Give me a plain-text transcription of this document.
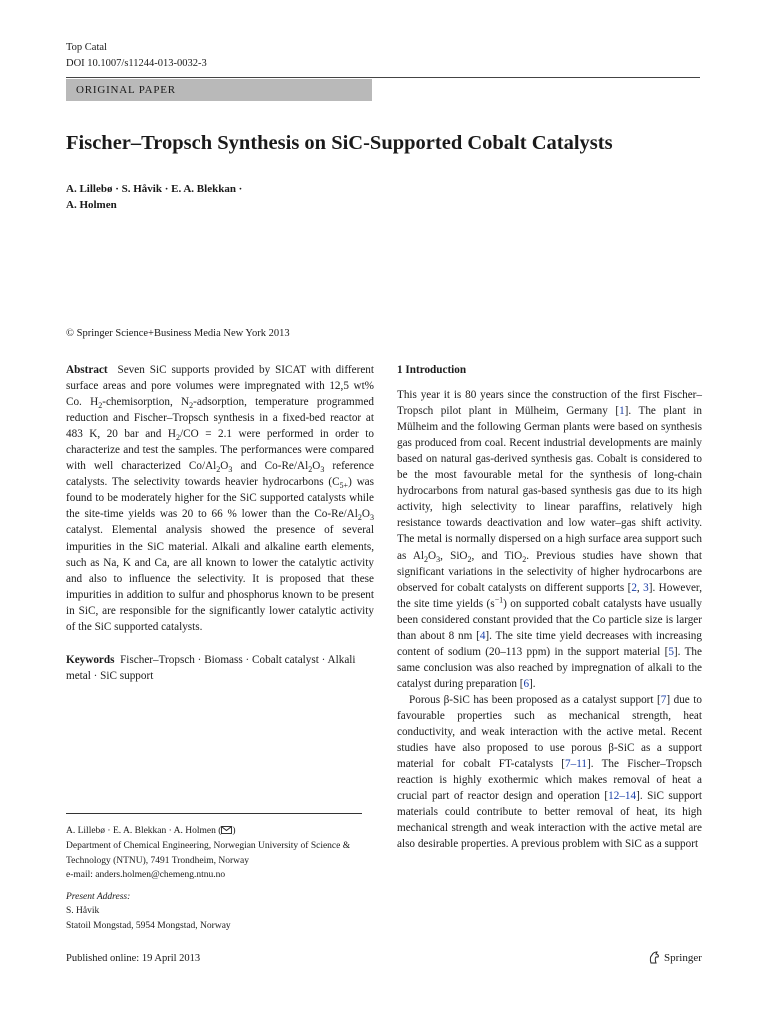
Top Catal
DOI 10.1007/s11244-013-0032-3
ORIGINAL PAPER
Fischer–Tropsch Synthesis on SiC-Supported Cobalt Catalysts
A. Lillebø · S. Håvik · E. A. Blekkan ·
A. Holmen
© Springer Science+Business Media New York 2013

Abstract Seven SiC supports provided by SICAT with different surface areas and pore volumes were impregnated with 12,5 wt% Co. $H_2$-chemisorption, $N_2$-adsorption, temperature programmed reduction and Fischer–Tropsch synthesis in a fixed-bed reactor at 483 K, 20 bar and $H_2/CO = 2.1$ were performed in order to characterize and test the samples. The performances were compared with well characterized $Co/Al_2O_3$ and $Co-Re/Al_2O_3$ reference catalysts. The selectivity towards heavier hydrocarbons $(C_{5+})$ was found to be moderately higher for the SiC supported catalysts while the site-time yields was 20 to 66 % lower than the $Co-Re/Al_2O_3$ catalyst. Elemental analysis showed the presence of several impurities in the SiC material. Alkali and alkaline earth elements, such as Na, K and Ca, are all known to lower the catalytic activity and also to influence the selectivity. It is proposed that these impurities in addition to sulfur and phosphorus known to be present in SiC, are responsible for the significantly lower catalytic activity of the SiC supported catalysts.

Keywords Fischer–Tropsch · Biomass · Cobalt catalyst · Alkali metal · SiC support

1 Introduction

This year it is 80 years since the construction of the first Fischer–Tropsch pilot plant in Mülheim, Germany [1]. The plant in Mülheim and the following German plants were based on synthesis gas produced from coal. Recent industrial developments are mainly based on natural gas-derived synthesis gas. Cobalt is considered to be the most favourable metal for the synthesis of long-chain hydrocarbons from natural gas-based synthesis gas due to its high activity, high selectivity to linear paraffins, relatively high resistance towards deactivation and low water–gas shift activity. The metal is normally dispersed on a high surface area support such as $Al_2O_3$, SiO$_2$, and TiO$_2$. Previous studies have shown that significant variations in the selectivity of higher hydrocarbons are observed for cobalt catalysts on different supports [2, 3]. However, the site time yields $(s^{-1})$ on supported cobalt catalysts have usually been considered constant provided that the Co particle size is larger than about 8 nm [4]. The site time yield decreases with increasing content of sodium (20–113 ppm) in the support material [5]. The same conclusion was also reached by impregnation of alkali to the catalyst during preparation [6].

Porous β-SiC has been proposed as a catalyst support [7] due to favourable properties such as mechanical strength, heat conductivity, and weak interaction with the active metal. Recent studies have also proposed to use porous β-SiC as a support material for cobalt FT-catalysts [7–11]. The Fischer–Tropsch reaction is highly exothermic which makes removal of heat a crucial part of reactor design and operation [12–14]. SiC support materials could contribute to better removal of heat, its high mechanical strength and weak interaction with the active metal are also desirable properties. A previous problem with SiC as a support

A. Lillebø · E. A. Blekkan · A. Holmen ( )
Department of Chemical Engineering, Norwegian University of Science & Technology (NTNU), 7491 Trondheim, Norway
e-mail: anders.holmen@chemeng.ntnu.no
Present Address:
S. Håvik
Statoil Mongstad, 5954 Mongstad, Norway
Published online: 19 April 2013	Springer
